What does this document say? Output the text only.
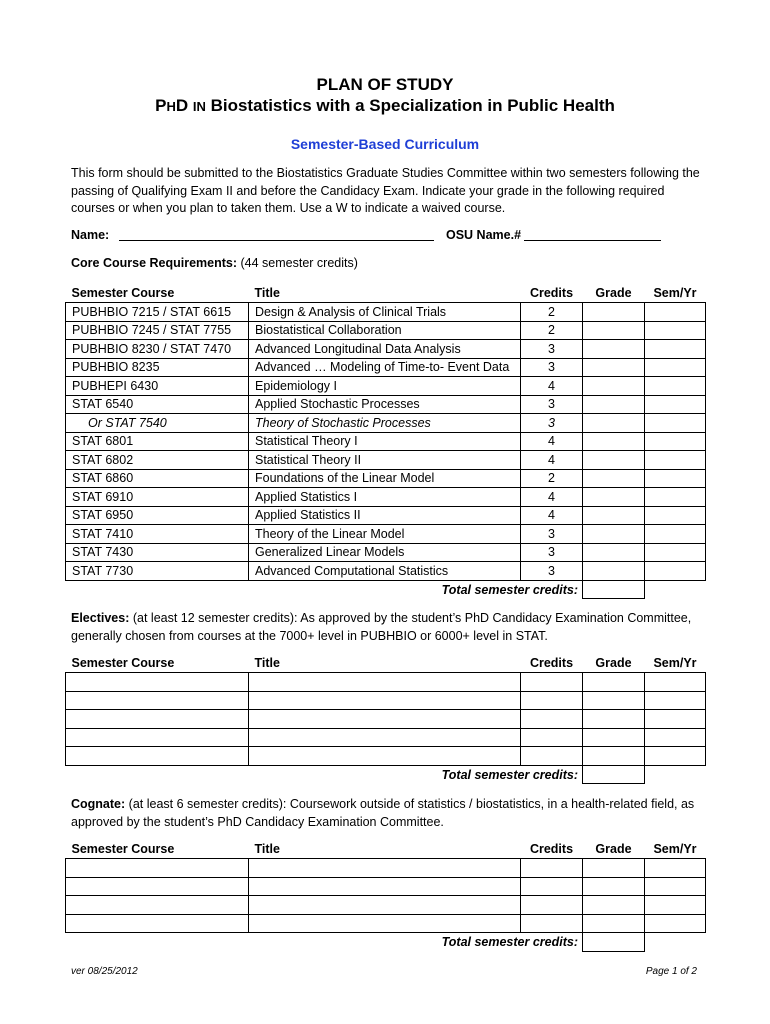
PLAN OF STUDY
PHD IN Biostatistics with a Specialization in Public Health
Semester-Based Curriculum
This form should be submitted to the Biostatistics Graduate Studies Committee within two semesters following the passing of Qualifying Exam II and before the Candidacy Exam. Indicate your grade in the following required courses or when you plan to taken them. Use a W to indicate a waived course.
Name:	OSU Name.#
Core Course Requirements: (44 semester credits)
Semester Course	Title	Credits	Grade	Sem/Yr
PUBHBIO 7215 / STAT 6615	Design & Analysis of Clinical Trials	2		
PUBHBIO 7245 / STAT 7755	Biostatistical Collaboration	2		
PUBHBIO 8230 / STAT 7470	Advanced Longitudinal Data Analysis	3		
PUBHBIO 8235	Advanced … Modeling of Time-to- Event Data	3		
PUBHEPI 6430	Epidemiology I	4		
STAT 6540	Applied Stochastic Processes	3		
Or STAT 7540	Theory of Stochastic Processes	3		
STAT 6801	Statistical Theory I	4		
STAT 6802	Statistical Theory II	4		
STAT 6860	Foundations of the Linear Model	2		
STAT 6910	Applied Statistics I	4		
STAT 6950	Applied Statistics II	4		
STAT 7410	Theory of the Linear Model	3		
STAT 7430	Generalized Linear Models	3		
STAT 7730	Advanced Computational Statistics	3		
	Total semester credits:			
Electives: (at least 12 semester credits): As approved by the student’s PhD Candidacy Examination Committee, generally chosen from courses at the 7000+ level in PUBHBIO or 6000+ level in STAT.
Semester Course	Title	Credits	Grade	Sem/Yr

	Total semester credits:			
Cognate: (at least 6 semester credits): Coursework outside of statistics / biostatistics, in a health-related field, as approved by the student’s PhD Candidacy Examination Committee.
Semester Course	Title	Credits	Grade	Sem/Yr

	Total semester credits:			
ver 08/25/2012	Page 1 of 2
